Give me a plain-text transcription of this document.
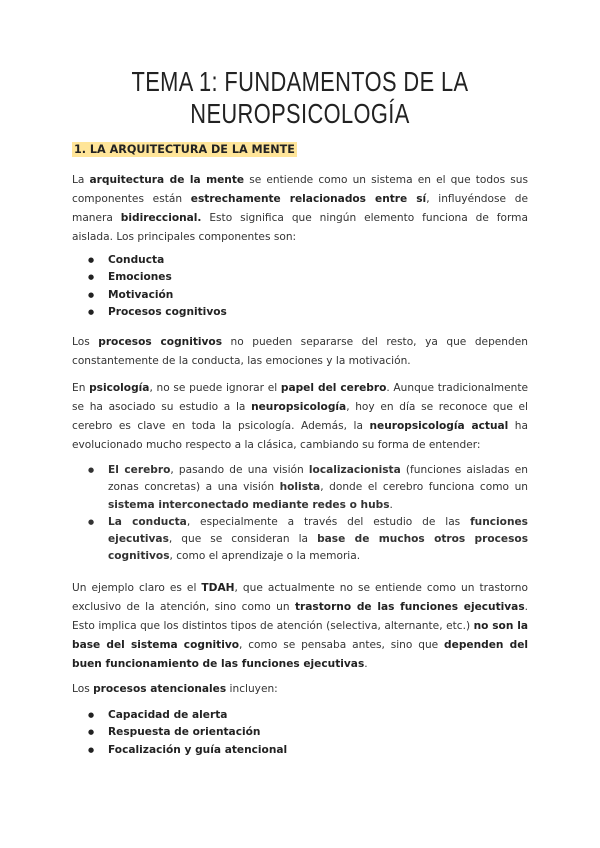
TEMA 1: FUNDAMENTOS DE LA NEUROPSICOLOGÍA
1. LA ARQUITECTURA DE LA MENTE
La arquitectura de la mente se entiende como un sistema en el que todos sus componentes están estrechamente relacionados entre sí, influyéndose de manera bidireccional. Esto significa que ningún elemento funciona de forma aislada. Los principales componentes son:
● Conducta
● Emociones
● Motivación
● Procesos cognitivos
Los procesos cognitivos no pueden separarse del resto, ya que dependen constantemente de la conducta, las emociones y la motivación.
En psicología, no se puede ignorar el papel del cerebro. Aunque tradicionalmente se ha asociado su estudio a la neuropsicología, hoy en día se reconoce que el cerebro es clave en toda la psicología. Además, la neuropsicología actual ha evolucionado mucho respecto a la clásica, cambiando su forma de entender:
● El cerebro, pasando de una visión localizacionista (funciones aisladas en zonas concretas) a una visión holista, donde el cerebro funciona como un sistema interconectado mediante redes o hubs.
● La conducta, especialmente a través del estudio de las funciones ejecutivas, que se consideran la base de muchos otros procesos cognitivos, como el aprendizaje o la memoria.
Un ejemplo claro es el TDAH, que actualmente no se entiende como un trastorno exclusivo de la atención, sino como un trastorno de las funciones ejecutivas. Esto implica que los distintos tipos de atención (selectiva, alternante, etc.) no son la base del sistema cognitivo, como se pensaba antes, sino que dependen del buen funcionamiento de las funciones ejecutivas.
Los procesos atencionales incluyen:
● Capacidad de alerta
● Respuesta de orientación
● Focalización y guía atencional
